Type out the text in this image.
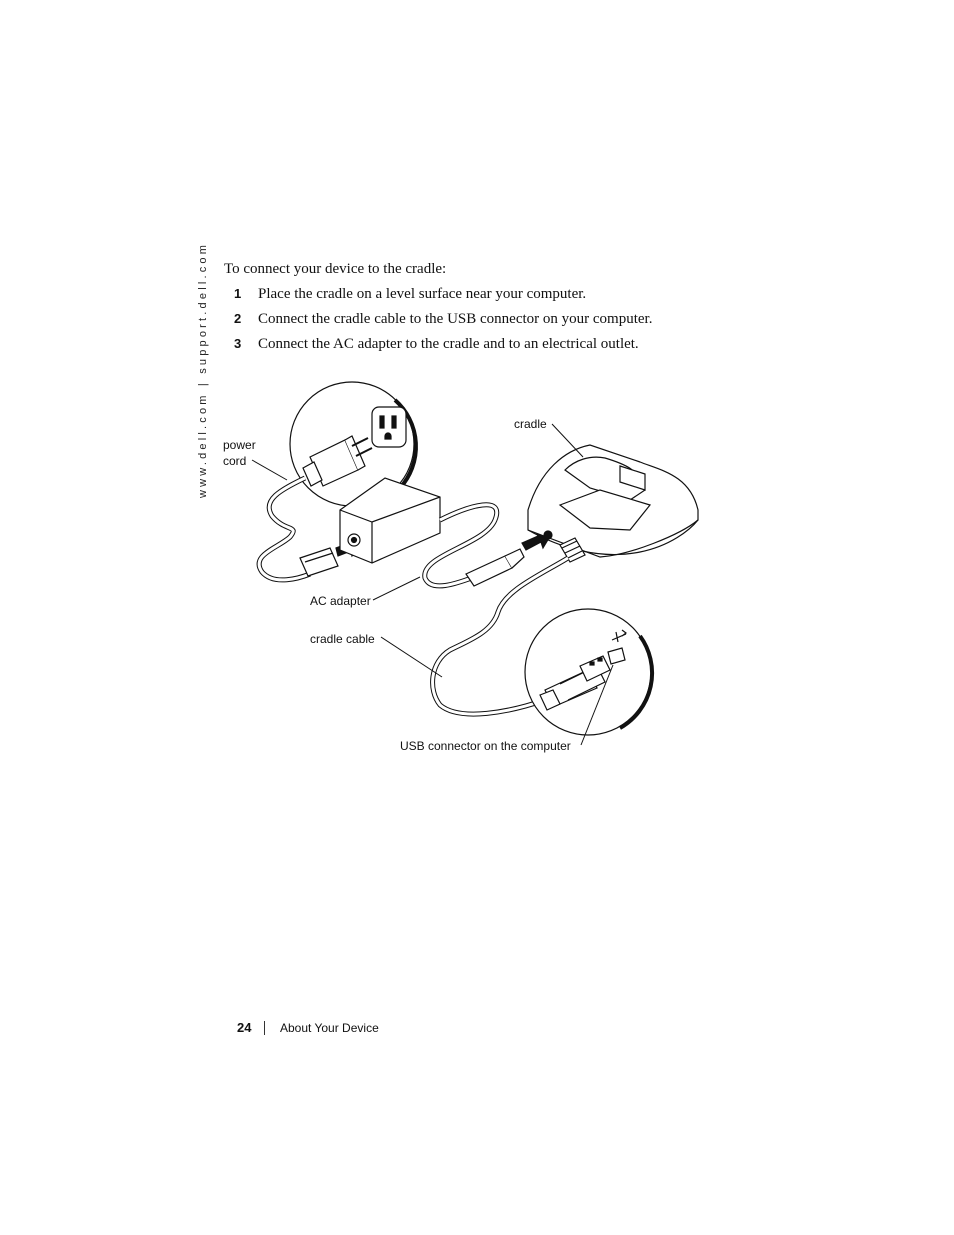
www.dell.com | support.dell.com To connect your device to the cradle:
1 Place the cradle on a level surface near your computer.
2 Connect the cradle cable to the USB connector on your computer.
3 Connect the AC adapter to the cradle and to an electrical outlet.
power
cord
cradle
AC adapter
cradle cable
USB connector on the computer
24 About Your Device
